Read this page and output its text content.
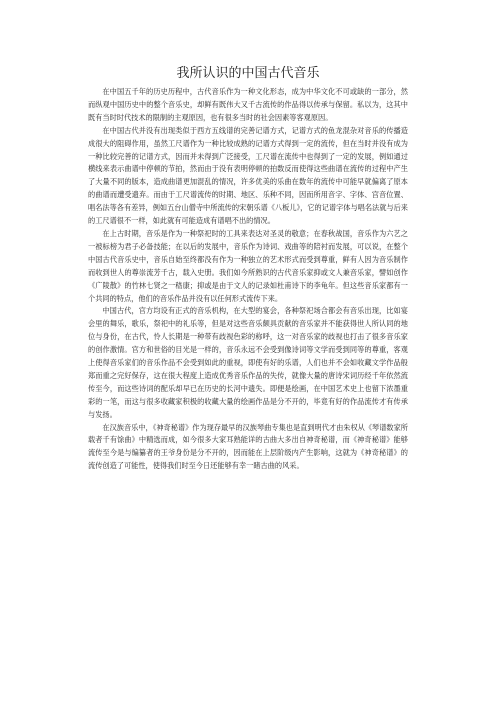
我所认识的中国古代音乐

在中国五千年的历史历程中，古代音乐作为一种文化形态，成为中华文化不可或缺的一部分，然而纵观中国历史中的整个音乐史，却鲜有既伟大又千古流传的作品得以传承与保留。私以为，这其中既有当时时代技术的限制的主观原因，也有很多当时的社会因素等客观原因。

在中国古代并没有出现类似于西方五线谱的完善记谱方式，记谱方式的鱼龙混杂对音乐的传播造成很大的阻碍作用，虽然工尺谱作为一种比较成熟的记谱方式得到一定的流传，但在当时并没有成为一种比较完善的记谱方式，因而并未得到广泛接受，工尺谱在流传中也得到了一定的发展，例如通过横线来表示曲谱中停顿的节拍，然而由于没有表明停顿的拍数反而使得这些曲谱在流传的过程中产生了大量不同的版本，造成曲谱更加混乱的情况，许多优美的乐曲在数年的流传中可能早就偏离了原本的曲谱而遭受遗弃。而由于工尺谱流传的时期、地区、乐种不同，因而所用音字、字体、宫音位置、唱名法等各有差异，例如五台山僧寺中所流传的宋朝乐谱《八板儿》，它的记谱字体与唱名法就与后来的工尺谱很不一样，如此就有可能造成有谱唱不出的情况。

在上古时期，音乐是作为一种祭祀时的工具来表达对圣灵的敬意；在春秋战国，音乐作为六艺之一被标榜为君子必备技能；在以后的发展中，音乐作为诗词、戏曲等的陪衬而发展，可以说，在整个中国古代音乐史中，音乐自始至终都没有作为一种独立的艺术形式而受到尊重，鲜有人因为音乐制作而收到世人的尊崇流芳千古，载入史册。我们如今所熟识的古代音乐家抑或文人兼音乐家，譬如创作《广陵散》的竹林七贤之一嵇康；抑或是由于文人的记录如杜甫诗下的李龟年。但这些音乐家都有一个共同的特点，他们的音乐作品并没有以任何形式流传下来。

中国古代，官方均设有正式的音乐机构，在大型的宴会，各种祭祀场合都会有音乐出现，比如宴会里的舞乐，歌乐，祭祀中的礼乐等，但是对这些音乐颇具贡献的音乐家并不能获得世人所认同的地位与身份，在古代，怜人长期是一种带有歧视色彩的称呼，这一对音乐家的歧视也打击了很多音乐家的创作激情。官方和世俗的目光是一样的，音乐永远不会受到像诗词等文学而受到同等的尊重，客观上使得音乐家们的音乐作品不会受到如此的重视，即使有好的乐谱，人们也并不会如收藏文学作品般郑而重之完好保存，这在很大程度上造成优秀音乐作品的失传，就像大量的唐诗宋词历经千年依然流传至今，而这些诗词的配乐却早已在历史的长河中遗失。即便是绘画，在中国艺术史上也留下浓墨重彩的一笔，而这与很多收藏家积极的收藏大量的绘画作品是分不开的，毕竟有好的作品流传才有传承与发扬。

在汉族音乐中，《神奇秘谱》作为现存最早的汉族琴曲专集也是直到明代才由朱权从《琴谱数家所载者千有馀曲》中精选而成，如今很多大家耳熟能详的古曲大多出自神奇秘谱，而《神奇秘谱》能够流传至今是与编纂者的王爷身份是分不开的，因而能在上层阶级内产生影响，这就为《神奇秘谱》的流传创造了可能性，使得我们时至今日还能够有幸一睹古曲的风采。
